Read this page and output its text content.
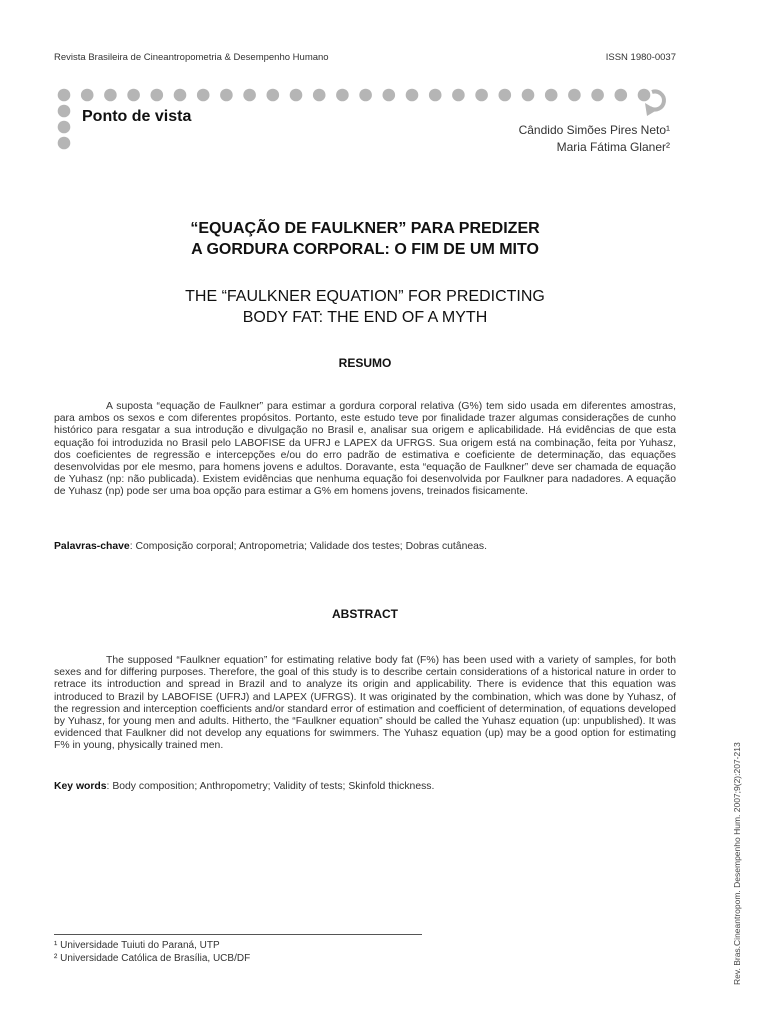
Revista Brasileira de Cineantropometria & Desempenho Humano	ISSN 1980-0037
Ponto de vista
Cândido Simões Pires Neto¹
Maria Fátima Glaner²
“EQUAÇÃO DE FAULKNER” PARA PREDIZER
A GORDURA CORPORAL: O FIM DE UM MITO
THE “FAULKNER EQUATION” FOR PREDICTING
BODY FAT: THE END OF A MYTH
RESUMO
A suposta “equação de Faulkner” para estimar a gordura corporal relativa (G%) tem sido usada em diferentes amostras, para ambos os sexos e com diferentes propósitos. Portanto, este estudo teve por finalidade trazer algumas considerações de cunho histórico para resgatar a sua introdução e divulgação no Brasil e, analisar sua origem e aplicabilidade. Há evidências de que esta equação foi introduzida no Brasil pelo LABOFISE da UFRJ e LAPEX da UFRGS. Sua origem está na combinação, feita por Yuhasz, dos coeficientes de regressão e intercepções e/ou do erro padrão de estimativa e coeficiente de determinação, das equações desenvolvidas por ele mesmo, para homens jovens e adultos. Doravante, esta “equação de Faulkner” deve ser chamada de equação de Yuhasz (np: não publicada). Existem evidências que nenhuma equação foi desenvolvida por Faulkner para nadadores. A equação de Yuhasz (np) pode ser uma boa opção para estimar a G% em homens jovens, treinados fisicamente.
Palavras-chave: Composição corporal; Antropometria; Validade dos testes; Dobras cutâneas.
ABSTRACT
The supposed “Faulkner equation” for estimating relative body fat (F%) has been used with a variety of samples, for both sexes and for differing purposes. Therefore, the goal of this study is to describe certain considerations of a historical nature in order to retrace its introduction and spread in Brazil and to analyze its origin and applicability. There is evidence that this equation was introduced to Brazil by LABOFISE (UFRJ) and LAPEX (UFRGS). It was originated by the combination, which was done by Yuhasz, of the regression and interception coefficients and/or standard error of estimation and coefficient of determination, of equations developed by Yuhasz, for young men and adults. Hitherto, the “Faulkner equation” should be called the Yuhasz equation (up: unpublished). It was evidenced that Faulkner did not develop any equations for swimmers. The Yuhasz equation (up) may be a good option for estimating F% in young, physically trained men.
Key words: Body composition; Anthropometry; Validity of tests; Skinfold thickness.
¹ Universidade Tuiuti do Paraná, UTP
² Universidade Católica de Brasília, UCB/DF	Rev. Bras.Cineantropom. Desempenho Hum. 2007;9(2):207-213
